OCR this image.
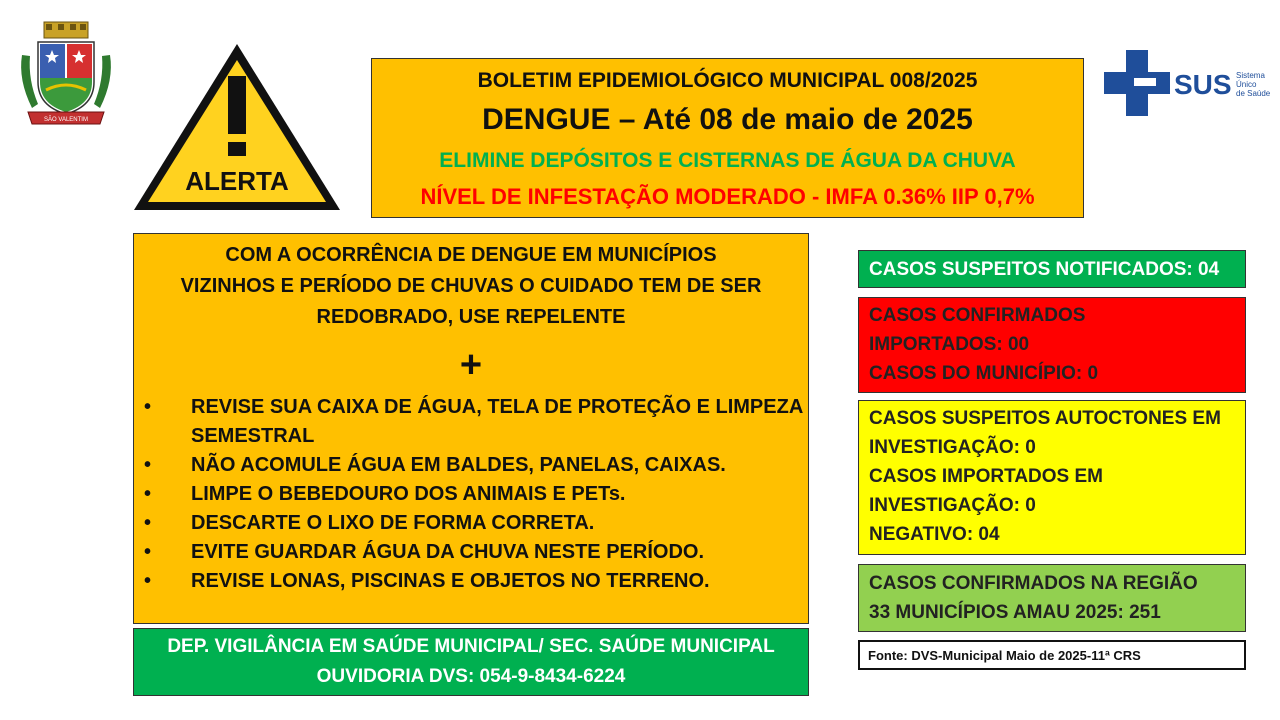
SÃO VALENTIM
ALERTA
BOLETIM EPIDEMIOLÓGICO MUNICIPAL 008/2025
DENGUE – Até 08 de maio de 2025
ELIMINE DEPÓSITOS E CISTERNAS DE ÁGUA DA CHUVA
NÍVEL DE INFESTAÇÃO MODERADO - IMFA 0.36% IIP 0,7%
SUS Sistema
Único
de Saúde
COM A OCORRÊNCIA DE DENGUE EM MUNICÍPIOS
VIZINHOS E PERÍODO DE CHUVAS O CUIDADO TEM DE SER
REDOBRADO, USE REPELENTE
+
• REVISE SUA CAIXA DE ÁGUA, TELA DE PROTEÇÃO E LIMPEZA SEMESTRAL
• NÃO ACOMULE ÁGUA EM BALDES, PANELAS, CAIXAS.
• LIMPE O BEBEDOURO DOS ANIMAIS E PETs.
• DESCARTE O LIXO DE FORMA CORRETA.
• EVITE GUARDAR ÁGUA DA CHUVA NESTE PERÍODO.
• REVISE LONAS, PISCINAS E OBJETOS NO TERRENO.
DEP. VIGILÂNCIA EM SAÚDE MUNICIPAL/ SEC. SAÚDE MUNICIPAL
OUVIDORIA DVS: 054-9-8434-6224
CASOS SUSPEITOS NOTIFICADOS: 04
CASOS CONFIRMADOS
IMPORTADOS: 00
CASOS DO MUNICÍPIO: 0
CASOS SUSPEITOS AUTOCTONES EM
INVESTIGAÇÃO: 0
CASOS IMPORTADOS EM
INVESTIGAÇÃO: 0
NEGATIVO: 04
CASOS CONFIRMADOS NA REGIÃO
33 MUNICÍPIOS AMAU 2025: 251
Fonte: DVS-Municipal Maio de 2025-11ª CRS
